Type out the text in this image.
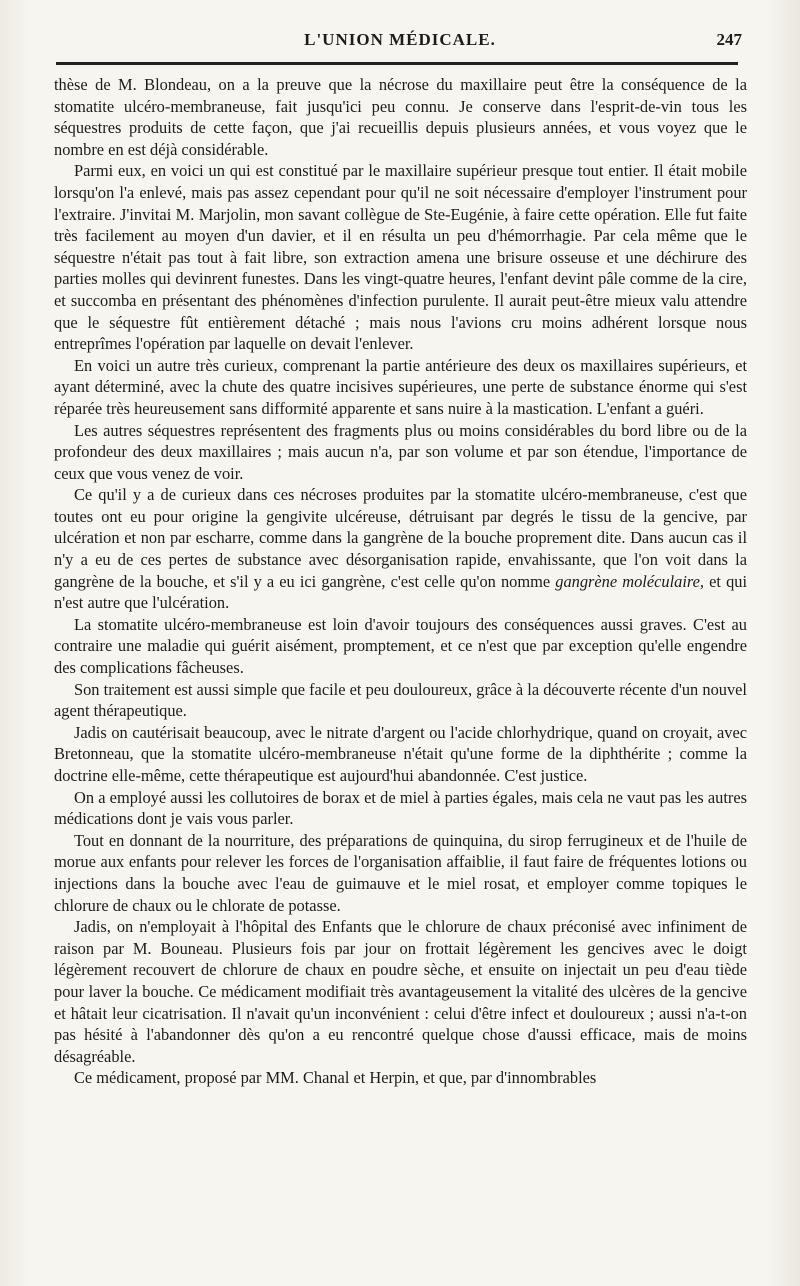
L'UNION MÉDICALE.	247

thèse de M. Blondeau, on a la preuve que la nécrose du maxillaire peut être la conséquence de la stomatite ulcéro-membraneuse, fait jusqu'ici peu connu. Je conserve dans l'esprit-de-vin tous les séquestres produits de cette façon, que j'ai recueillis depuis plusieurs années, et vous voyez que le nombre en est déjà considérable.

Parmi eux, en voici un qui est constitué par le maxillaire supérieur presque tout entier. Il était mobile lorsqu'on l'a enlevé, mais pas assez cependant pour qu'il ne soit nécessaire d'employer l'instrument pour l'extraire. J'invitai M. Marjolin, mon savant collègue de Ste-Eugénie, à faire cette opération. Elle fut faite très facilement au moyen d'un davier, et il en résulta un peu d'hémorrhagie. Par cela même que le séquestre n'était pas tout à fait libre, son extraction amena une brisure osseuse et une déchirure des parties molles qui devinrent funestes. Dans les vingt-quatre heures, l'enfant devint pâle comme de la cire, et succomba en présentant des phénomènes d'infection purulente. Il aurait peut-être mieux valu attendre que le séquestre fût entièrement détaché ; mais nous l'avions cru moins adhérent lorsque nous entreprîmes l'opération par laquelle on devait l'enlever.

En voici un autre très curieux, comprenant la partie antérieure des deux os maxillaires supérieurs, et ayant déterminé, avec la chute des quatre incisives supérieures, une perte de substance énorme qui s'est réparée très heureusement sans difformité apparente et sans nuire à la mastication. L'enfant a guéri.

Les autres séquestres représentent des fragments plus ou moins considérables du bord libre ou de la profondeur des deux maxillaires ; mais aucun n'a, par son volume et par son étendue, l'importance de ceux que vous venez de voir.

Ce qu'il y a de curieux dans ces nécroses produites par la stomatite ulcéro-membraneuse, c'est que toutes ont eu pour origine la gengivite ulcéreuse, détruisant par degrés le tissu de la gencive, par ulcération et non par escharre, comme dans la gangrène de la bouche proprement dite. Dans aucun cas il n'y a eu de ces pertes de substance avec désorganisation rapide, envahissante, que l'on voit dans la gangrène de la bouche, et s'il y a eu ici gangrène, c'est celle qu'on nomme gangrène moléculaire, et qui n'est autre que l'ulcération.

La stomatite ulcéro-membraneuse est loin d'avoir toujours des conséquences aussi graves. C'est au contraire une maladie qui guérit aisément, promptement, et ce n'est que par exception qu'elle engendre des complications fâcheuses.

Son traitement est aussi simple que facile et peu douloureux, grâce à la découverte récente d'un nouvel agent thérapeutique.

Jadis on cautérisait beaucoup, avec le nitrate d'argent ou l'acide chlorhydrique, quand on croyait, avec Bretonneau, que la stomatite ulcéro-membraneuse n'était qu'une forme de la diphthérite ; comme la doctrine elle-même, cette thérapeutique est aujourd'hui abandonnée. C'est justice.

On a employé aussi les collutoires de borax et de miel à parties égales, mais cela ne vaut pas les autres médications dont je vais vous parler.

Tout en donnant de la nourriture, des préparations de quinquina, du sirop ferrugineux et de l'huile de morue aux enfants pour relever les forces de l'organisation affaiblie, il faut faire de fréquentes lotions ou injections dans la bouche avec l'eau de guimauve et le miel rosat, et employer comme topiques le chlorure de chaux ou le chlorate de potasse.

Jadis, on n'employait à l'hôpital des Enfants que le chlorure de chaux préconisé avec infiniment de raison par M. Bouneau. Plusieurs fois par jour on frottait légèrement les gencives avec le doigt légèrement recouvert de chlorure de chaux en poudre sèche, et ensuite on injectait un peu d'eau tiède pour laver la bouche. Ce médicament modifiait très avantageusement la vitalité des ulcères de la gencive et hâtait leur cicatrisation. Il n'avait qu'un inconvénient : celui d'être infect et douloureux ; aussi n'a-t-on pas hésité à l'abandonner dès qu'on a eu rencontré quelque chose d'aussi efficace, mais de moins désagréable.

Ce médicament, proposé par MM. Chanal et Herpin, et que, par d'innombrables
